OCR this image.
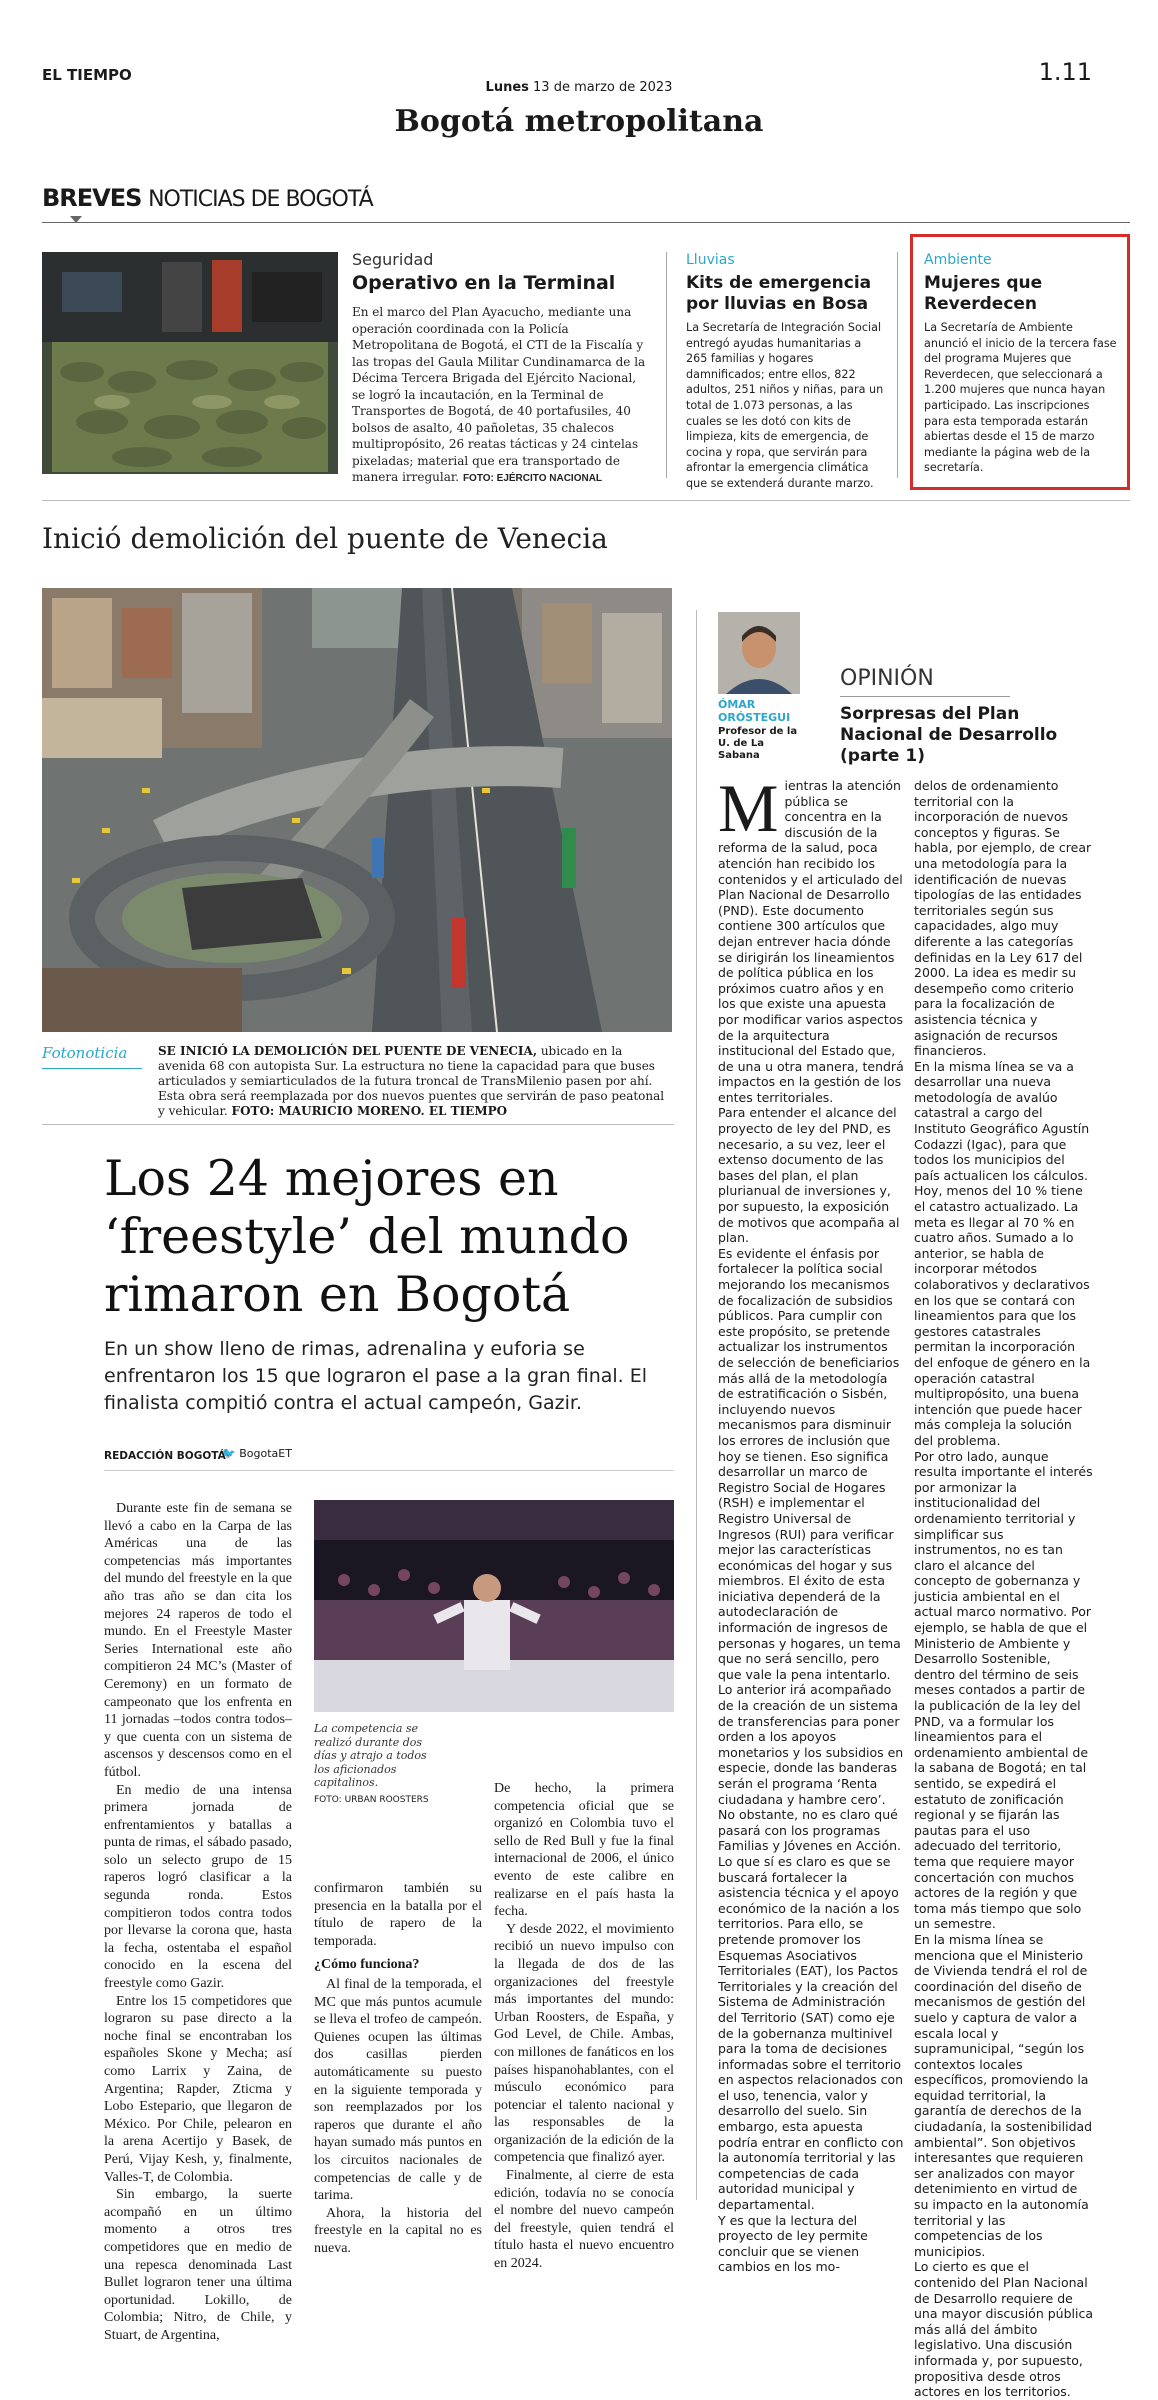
EL TIEMPO
Lunes 13 de marzo de 2023
1.11
Bogotá metropolitana
BREVES NOTICIAS DE BOGOTÁ
Seguridad
Operativo en la Terminal
En el marco del Plan Ayacucho, mediante una operación coordinada con la Policía Metropolitana de Bogotá, el CTI de la Fiscalía y las tropas del Gaula Militar Cundinamarca de la Décima Tercera Brigada del Ejército Nacional, se logró la incautación, en la Terminal de Transportes de Bogotá, de 40 portafusiles, 40 bolsos de asalto, 40 pañoletas, 35 chalecos multipropósito, 26 reatas tácticas y 24 cintelas pixeladas; material que era transportado de manera irregular. FOTO: EJÉRCITO NACIONAL
Lluvias
Kits de emergencia por lluvias en Bosa
La Secretaría de Integración Social entregó ayudas humanitarias a 265 familias y hogares damnificados; entre ellos, 822 adultos, 251 niños y niñas, para un total de 1.073 personas, a las cuales se les dotó con kits de limpieza, kits de emergencia, de cocina y ropa, que servirán para afrontar la emergencia climática que se extenderá durante marzo.
Ambiente
Mujeres que Reverdecen
La Secretaría de Ambiente anunció el inicio de la tercera fase del programa Mujeres que Reverdecen, que seleccionará a 1.200 mujeres que nunca hayan participado. Las inscripciones para esta temporada estarán abiertas desde el 15 de marzo mediante la página web de la secretaría.
Inició demolición del puente de Venecia
Fotonoticia	SE INICIÓ LA DEMOLICIÓN DEL PUENTE DE VENECIA, ubicado en la avenida 68 con autopista Sur. La estructura no tiene la capacidad para que buses articulados y semiarticulados de la futura troncal de TransMilenio pasen por ahí. Esta obra será reemplazada por dos nuevos puentes que servirán de paso peatonal y vehicular. FOTO: MAURICIO MORENO. EL TIEMPO
Los 24 mejores en ‘freestyle’ del mundo rimaron en Bogotá
En un show lleno de rimas, adrenalina y euforia se enfrentaron los 15 que lograron el pase a la gran final. El finalista compitió contra el actual campeón, Gazir.
REDACCIÓN BOGOTÁ
🐦 BogotaET

Durante este fin de semana se llevó a cabo en la Carpa de las Américas una de las competencias más importantes del mundo del freestyle en la que año tras año se dan cita los mejores 24 raperos de todo el mundo. En el Freestyle Master Series International este año compitieron 24 MC’s (Master of Ceremony) en un formato de campeonato que los enfrenta en 11 jornadas –todos contra todos– y que cuenta con un sistema de ascensos y descensos como en el fútbol.

En medio de una intensa primera jornada de enfrentamientos y batallas a punta de rimas, el sábado pasado, solo un selecto grupo de 15 raperos logró clasificar a la segunda ronda. Estos compitieron todos contra todos por llevarse la corona que, hasta la fecha, ostentaba el español conocido en la escena del freestyle como Gazir.

Entre los 15 competidores que lograron su pase directo a la noche final se encontraban los españoles Skone y Mecha; así como Larrix y Zaina, de Argentina; Rapder, Zticma y Lobo Estepario, que llegaron de México. Por Chile, pelearon en la arena Acertijo y Basek, de Perú, Vijay Kesh, y, finalmente, Valles-T, de Colombia.

Sin embargo, la suerte acompañó en un último momento a otros tres competidores que en medio de una repesca denominada Last Bullet lograron tener una última oportunidad. Lokillo, de Colombia; Nitro, de Chile, y Stuart, de Argentina,

La competencia se realizó durante dos días y atrajo a todos los aficionados capitalinos.
FOTO: URBAN ROOSTERS

confirmaron también su presencia en la batalla por el título de rapero de la temporada.

¿Cómo funciona?

Al final de la temporada, el MC que más puntos acumule se lleva el trofeo de campeón. Quienes ocupen las últimas dos casillas pierden automáticamente su puesto en la siguiente temporada y son reemplazados por los raperos que durante el año hayan sumado más puntos en los circuitos nacionales de competencias de calle y de tarima.

Ahora, la historia del freestyle en la capital no es nueva.

De hecho, la primera competencia oficial que se organizó en Colombia tuvo el sello de Red Bull y fue la final internacional de 2006, el único evento de este calibre en realizarse en el país hasta la fecha.

Y desde 2022, el movimiento recibió un nuevo impulso con la llegada de dos de las organizaciones del freestyle más importantes del mundo: Urban Roosters, de España, y God Level, de Chile. Ambas, con millones de fanáticos en los países hispanohablantes, con el músculo económico para potenciar el talento nacional y las responsables de la organización de la edición de la competencia que finalizó ayer.

Finalmente, al cierre de esta edición, todavía no se conocía el nombre del nuevo campeón del freestyle, quien tendrá el título hasta el nuevo encuentro en 2024.

ÓMAR ORÓSTEGUI
Profesor de la U. de La Sabana
OPINIÓN
Sorpresas del Plan Nacional de Desarrollo (parte 1)

Mientras la atención pública se concentra en la discusión de la reforma de la salud, poca atención han recibido los contenidos y el articulado del Plan Nacional de Desarrollo (PND). Este documento contiene 300 artículos que dejan entrever hacia dónde se dirigirán los lineamientos de política pública en los próximos cuatro años y en los que existe una apuesta por modificar varios aspectos de la arquitectura institucional del Estado que, de una u otra manera, tendrá impactos en la gestión de los entes territoriales.

Para entender el alcance del proyecto de ley del PND, es necesario, a su vez, leer el extenso documento de las bases del plan, el plan plurianual de inversiones y, por supuesto, la exposición de motivos que acompaña al plan.

Es evidente el énfasis por fortalecer la política social mejorando los mecanismos de focalización de subsidios públicos. Para cumplir con este propósito, se pretende actualizar los instrumentos de selección de beneficiarios más allá de la metodología de estratificación o Sisbén, incluyendo nuevos mecanismos para disminuir los errores de inclusión que hoy se tienen. Eso significa desarrollar un marco de Registro Social de Hogares (RSH) e implementar el Registro Universal de Ingresos (RUI) para verificar mejor las características económicas del hogar y sus miembros. El éxito de esta iniciativa dependerá de la autodeclaración de información de ingresos de personas y hogares, un tema que no será sencillo, pero que vale la pena intentarlo.

Lo anterior irá acompañado de la creación de un sistema de transferencias para poner orden a los apoyos monetarios y los subsidios en especie, donde las banderas serán el programa ‘Renta ciudadana y hambre cero’. No obstante, no es claro qué pasará con los programas Familias y Jóvenes en Acción.

Lo que sí es claro es que se buscará fortalecer la asistencia técnica y el apoyo económico de la nación a los territorios. Para ello, se pretende promover los Esquemas Asociativos Territoriales (EAT), los Pactos Territoriales y la creación del Sistema de Administración del Territorio (SAT) como eje de la gobernanza multinivel para la toma de decisiones informadas sobre el territorio en aspectos relacionados con el uso, tenencia, valor y desarrollo del suelo. Sin embargo, esta apuesta podría entrar en conflicto con la autonomía territorial y las competencias de cada autoridad municipal y departamental.

Y es que la lectura del proyecto de ley permite concluir que se vienen cambios en los mo-

delos de ordenamiento territorial con la incorporación de nuevos conceptos y figuras. Se habla, por ejemplo, de crear una metodología para la identificación de nuevas tipologías de las entidades territoriales según sus capacidades, algo muy diferente a las categorías definidas en la Ley 617 del 2000. La idea es medir su desempeño como criterio para la focalización de asistencia técnica y asignación de recursos financieros.

En la misma línea se va a desarrollar una nueva metodología de avalúo catastral a cargo del Instituto Geográfico Agustín Codazzi (Igac), para que todos los municipios del país actualicen los cálculos. Hoy, menos del 10 % tiene el catastro actualizado. La meta es llegar al 70 % en cuatro años. Sumado a lo anterior, se habla de incorporar métodos colaborativos y declarativos en los que se contará con lineamientos para que los gestores catastrales permitan la incorporación del enfoque de género en la operación catastral multipropósito, una buena intención que puede hacer más compleja la solución del problema.

Por otro lado, aunque resulta importante el interés por armonizar la institucionalidad del ordenamiento territorial y simplificar sus instrumentos, no es tan claro el alcance del concepto de gobernanza y justicia ambiental en el actual marco normativo. Por ejemplo, se habla de que el Ministerio de Ambiente y Desarrollo Sostenible, dentro del término de seis meses contados a partir de la publicación de la ley del PND, va a formular los lineamientos para el ordenamiento ambiental de la sabana de Bogotá; en tal sentido, se expedirá el estatuto de zonificación regional y se fijarán las pautas para el uso adecuado del territorio, tema que requiere mayor concertación con muchos actores de la región y que toma más tiempo que solo un semestre.

En la misma línea se menciona que el Ministerio de Vivienda tendrá el rol de coordinación del diseño de mecanismos de gestión del suelo y captura de valor a escala local y supramunicipal, “según los contextos locales específicos, promoviendo la equidad territorial, la garantía de derechos de la ciudadanía, la sostenibilidad ambiental”. Son objetivos interesantes que requieren ser analizados con mayor detenimiento en virtud de su impacto en la autonomía territorial y las competencias de los municipios.

Lo cierto es que el contenido del Plan Nacional de Desarrollo requiere de una mayor discusión pública más allá del ámbito legislativo. Una discusión informada y, por supuesto, propositiva desde otros actores en los territorios.
